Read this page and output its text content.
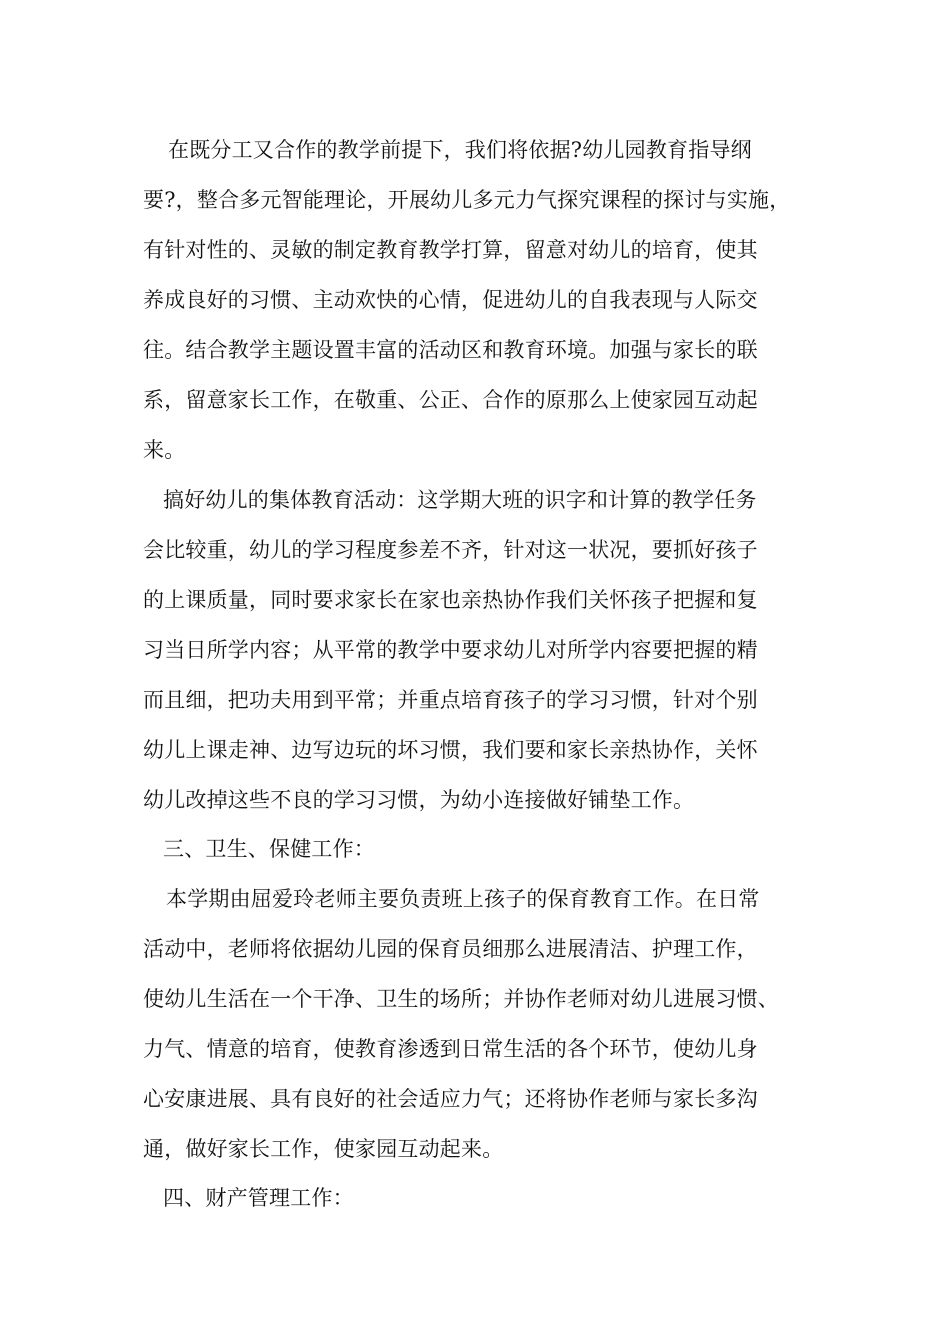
在既分工又合作的教学前提下，我们将依据?幼儿园教育指导纲
要?，整合多元智能理论，开展幼儿多元力气探究课程的探讨与实施，
有针对性的、灵敏的制定教育教学打算，留意对幼儿的培育，使其
养成良好的习惯、主动欢快的心情，促进幼儿的自我表现与人际交
往。结合教学主题设置丰富的活动区和教育环境。加强与家长的联
系，留意家长工作，在敬重、公正、合作的原那么上使家园互动起
来。
搞好幼儿的集体教育活动：这学期大班的识字和计算的教学任务
会比较重，幼儿的学习程度参差不齐，针对这一状况，要抓好孩子
的上课质量，同时要求家长在家也亲热协作我们关怀孩子把握和复
习当日所学内容；从平常的教学中要求幼儿对所学内容要把握的精
而且细，把功夫用到平常；并重点培育孩子的学习习惯，针对个别
幼儿上课走神、边写边玩的坏习惯，我们要和家长亲热协作，关怀
幼儿改掉这些不良的学习习惯，为幼小连接做好铺垫工作。
三、卫生、保健工作：
本学期由屈爱玲老师主要负责班上孩子的保育教育工作。在日常
活动中，老师将依据幼儿园的保育员细那么进展清洁、护理工作，
使幼儿生活在一个干净、卫生的场所；并协作老师对幼儿进展习惯、
力气、情意的培育，使教育渗透到日常生活的各个环节，使幼儿身
心安康进展、具有良好的社会适应力气；还将协作老师与家长多沟
通，做好家长工作，使家园互动起来。
四、财产管理工作：
